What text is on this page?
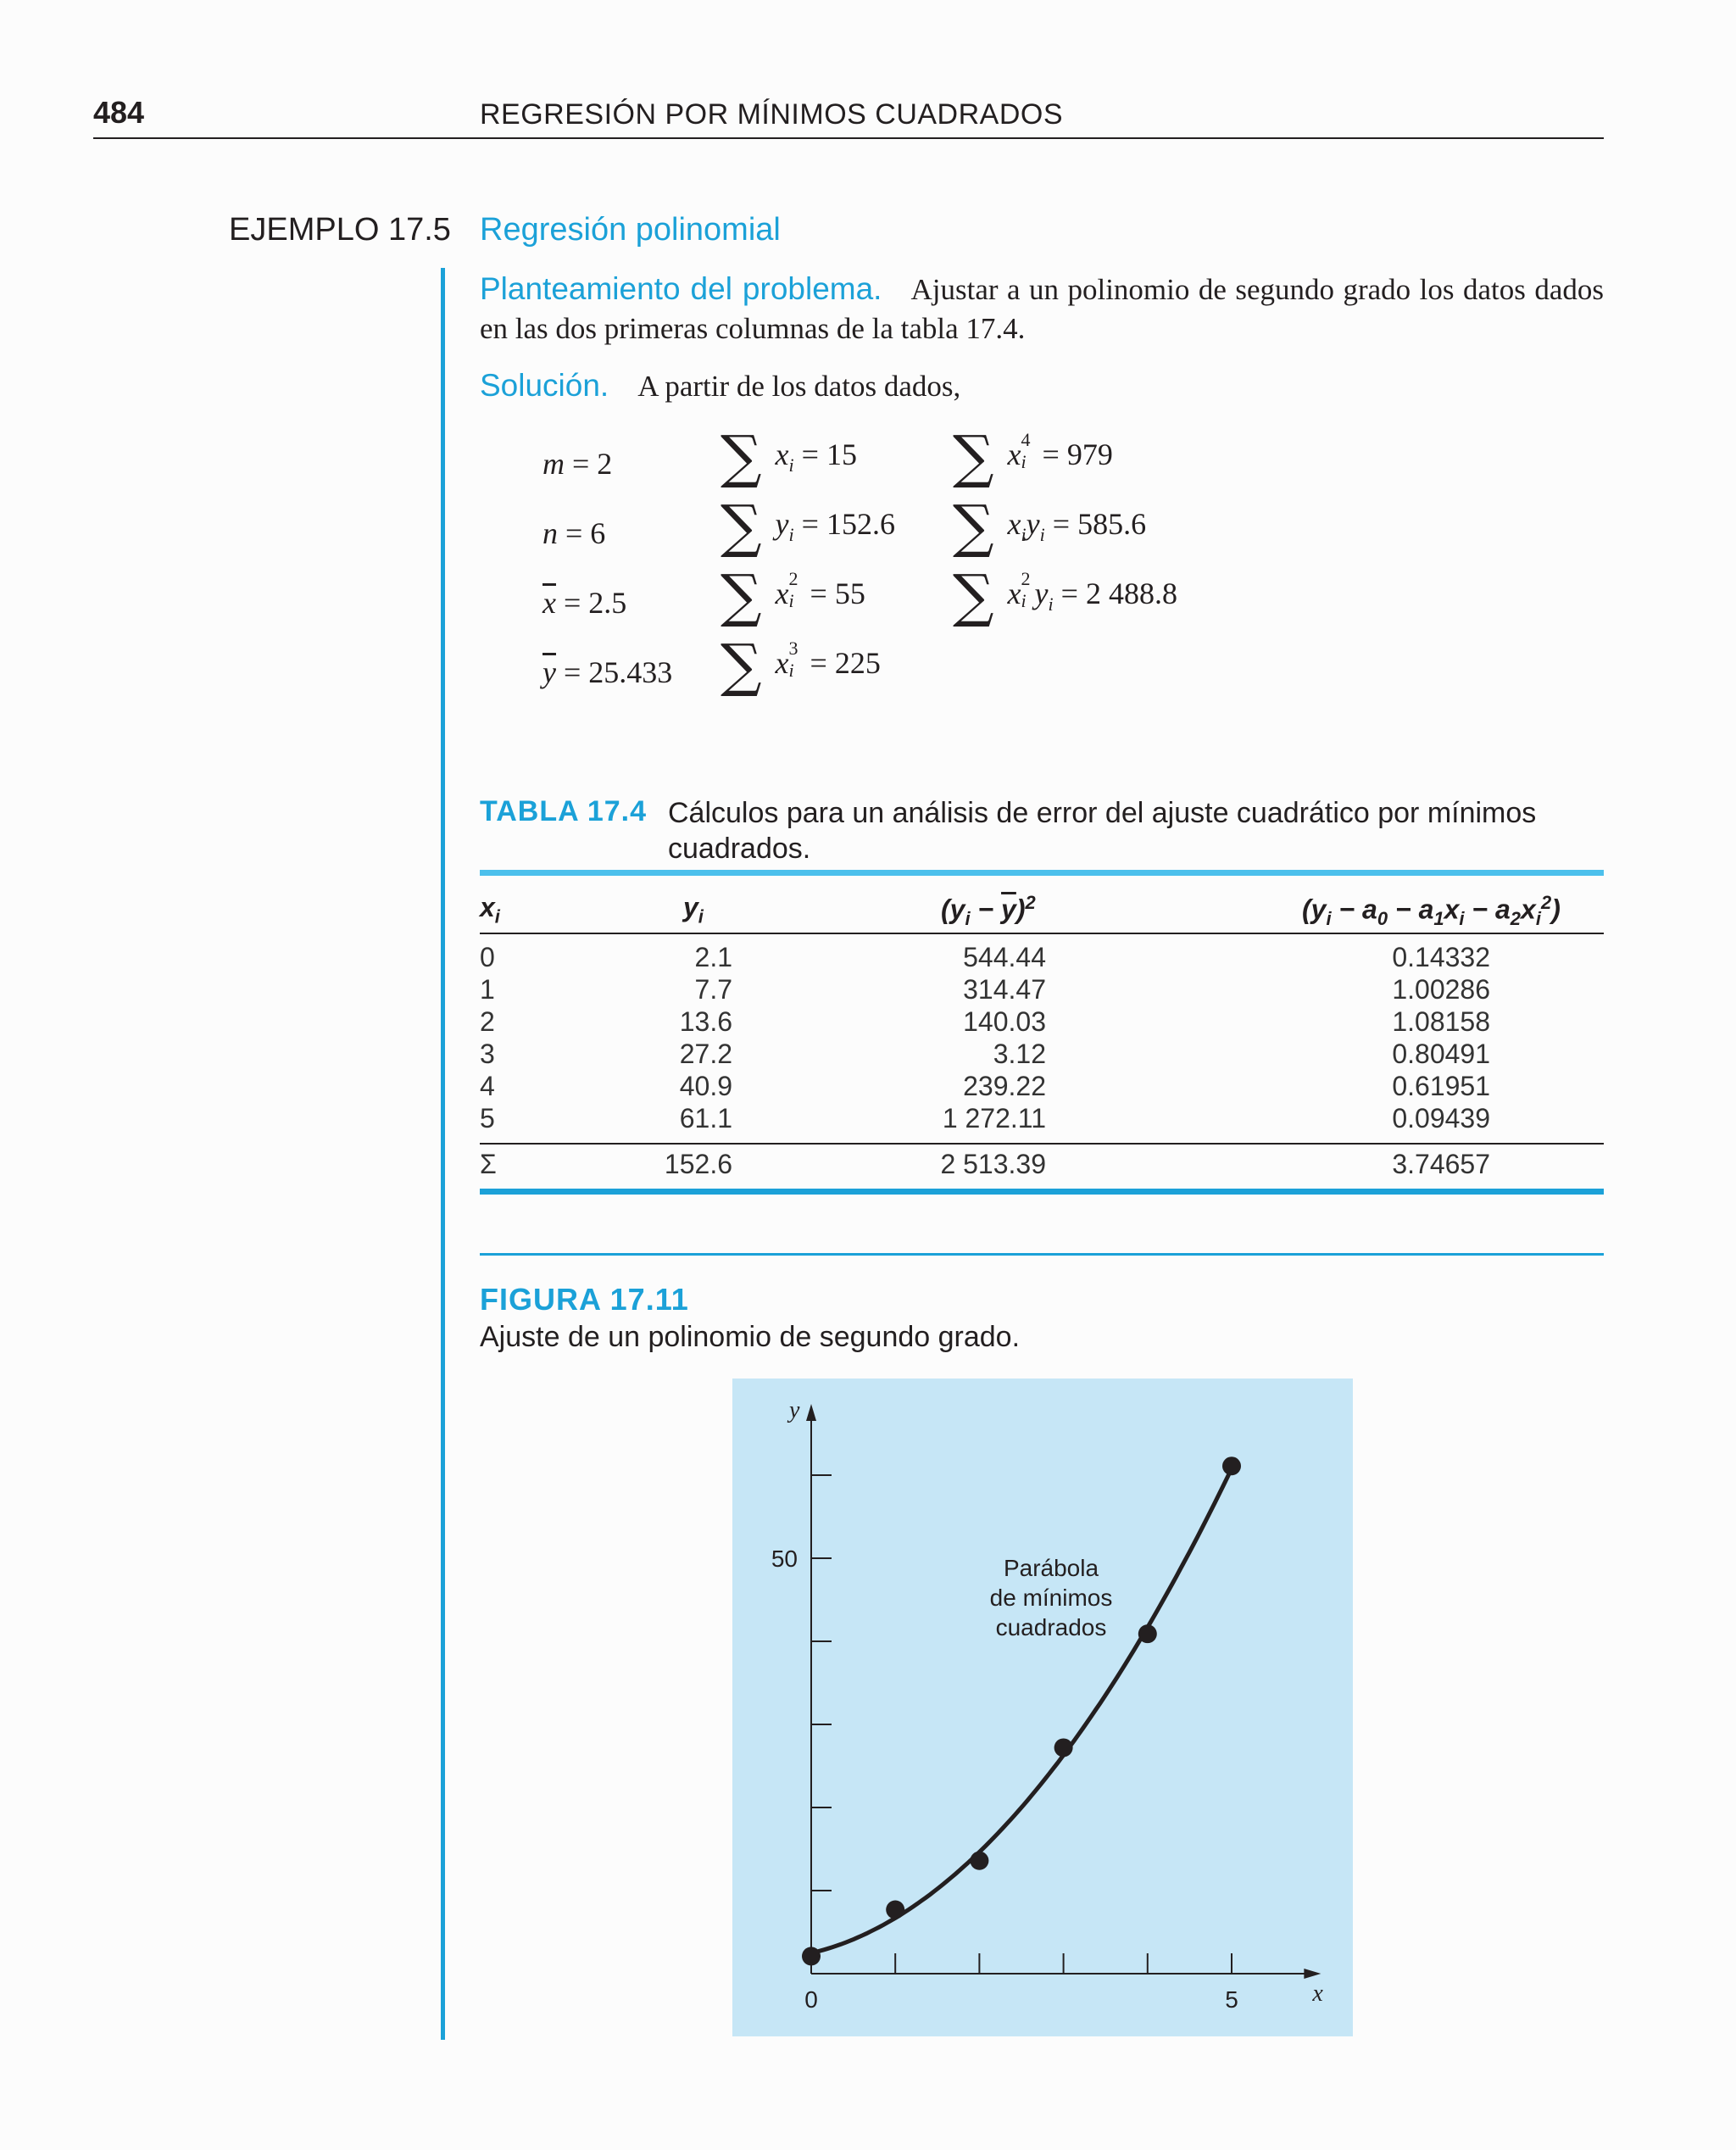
484	REGRESIÓN POR MÍNIMOS CUADRADOS
EJEMPLO 17.5 Regresión polinomial
Planteamiento del problema. Ajustar a un polinomio de segundo grado los datos dados en las dos primeras columnas de la tabla 17.4.
Solución. A partir de los datos dados,
m = 2
n = 6
$\overline{x} = 2.5$
$\overline{y} = 25.433$
∑ $x_i = 15$
∑ $y_i = 152.6$
∑ x 2
i = 55
∑ x 3
i = 225
∑ x 4
i = 979
∑ $x_iy_i = 585.6$
∑ x 2
i $y_i = 2$ 488.8
TABLA 17.4 Cálculos para un análisis de error del ajuste cuadrático por mínimos cuadrados.
$x_i$	$y_i$	$(y_i - \overline{y})^2$	$(y_i - a_0 - a_1x_i - a_2x_i^2)$
0	2.1	544.44	0.14332
1	7.7	314.47	1.00286
2	13.6	140.03	1.08158
3	27.2	3.12	0.80491
4	40.9	239.22	0.61951
5	61.1	1 272.11	0.09439
Σ	152.6	2 513.39	3.74657
FIGURA 17.11
Ajuste de un polinomio de segundo grado.
0	5
50
x
y
Parábola
de mínimos
cuadrados
